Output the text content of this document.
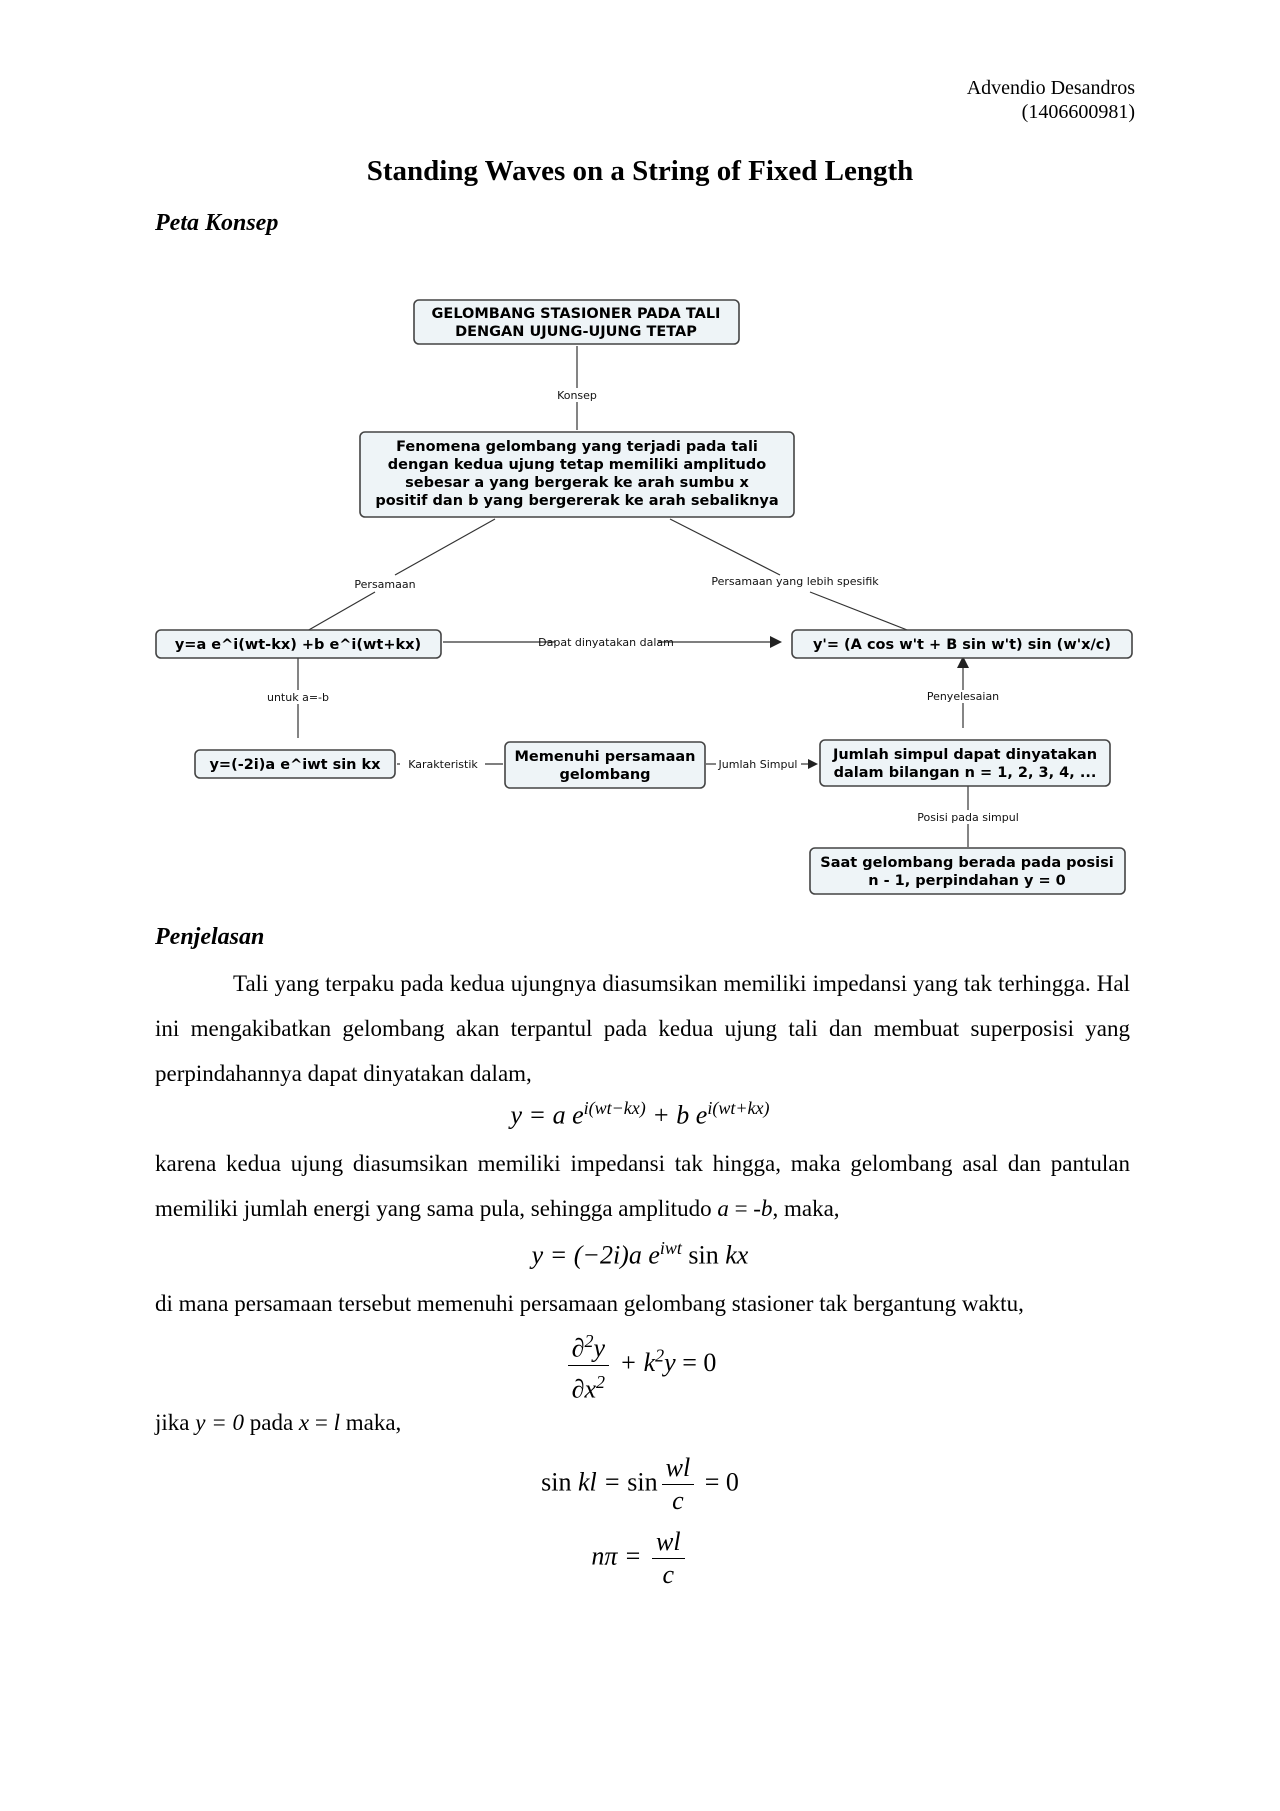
Advendio Desandros
(1406600981)
Standing Waves on a String of Fixed Length
Peta Konsep
Konsep
Persamaan	Persamaan yang lebih spesifik
Dapat dinyatakan dalam
untuk a=-b	Penyelesaian
Karakteristik	Jumlah Simpul
Posisi pada simpul
GELOMBANG STASIONER PADA TALI
DENGAN UJUNG-UJUNG TETAP
Fenomena gelombang yang terjadi pada tali
dengan kedua ujung tetap memiliki amplitudo
sebesar a yang bergerak ke arah sumbu x
positif dan b yang bergererak ke arah sebaliknya
y=a e^i(wt-kx) +b e^i(wt+kx)	y'= (A cos w't + B sin w't) sin (w'x/c)
y=(-2i)a e^iwt sin kx	Memenuhi persamaan
gelombang
Jumlah simpul dapat dinyatakan
dalam bilangan n = 1, 2, 3, 4, ...
Saat gelombang berada pada posisi
n - 1, perpindahan y = 0
Penjelasan

Tali yang terpaku pada kedua ujungnya diasumsikan memiliki impedansi yang tak terhingga. Hal ini mengakibatkan gelombang akan terpantul pada kedua ujung tali dan membuat superposisi yang perpindahannya dapat dinyatakan dalam,

y = a $e^{i(wt-kx)} + b$ $e^{i(wt+kx)}$

karena kedua ujung diasumsikan memiliki impedansi tak hingga, maka gelombang asal dan pantulan memiliki jumlah energi yang sama pula, sehingga amplitudo a = -b, maka,

y = (−2i)a $e^{iwt}$ sin kx

di mana persamaan tersebut memenuhi persamaan gelombang stasioner tak bergantung waktu,

$\frac{\partial^2y}{\partial x^2} + k^2y = 0$

jika y = 0 pada x = l maka,

sin kl = $\sin \frac{wl}{c} = 0$
$n\pi = \frac{wl}{c}$
